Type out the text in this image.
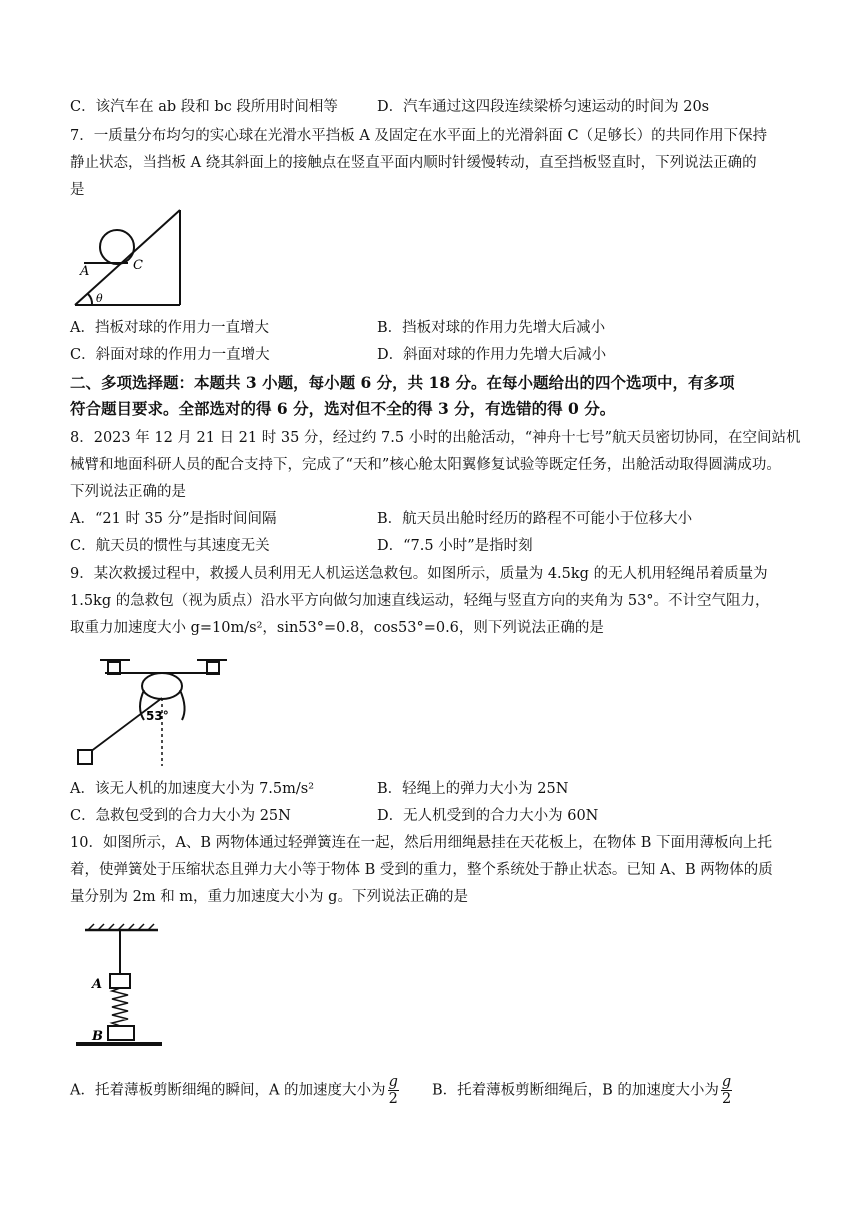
C．该汽车在 ab 段和 bc 段所用时间相等	D．汽车通过这四段连续梁桥匀速运动的时间为 20s
7．一质量分布均匀的实心球在光滑水平挡板 A 及固定在水平面上的光滑斜面 C（足够长）的共同作用下保持
静止状态，当挡板 A 绕其斜面上的接触点在竖直平面内顺时针缓慢转动，直至挡板竖直时，下列说法正确的
是
A	C
θ
A．挡板对球的作用力一直增大	B．挡板对球的作用力先增大后减小
C．斜面对球的作用力一直增大	D．斜面对球的作用力先增大后减小
二、多项选择题：本题共 3 小题，每小题 6 分，共 18 分。在每小题给出的四个选项中，有多项
符合题目要求。全部选对的得 6 分，选对但不全的得 3 分，有选错的得 0 分。
8．2023 年 12 月 21 日 21 时 35 分，经过约 7.5 小时的出舱活动，“神舟十七号”航天员密切协同，在空间站机
械臂和地面科研人员的配合支持下，完成了“天和”核心舱太阳翼修复试验等既定任务，出舱活动取得圆满成功。
下列说法正确的是
A．“21 时 35 分”是指时间间隔	B．航天员出舱时经历的路程不可能小于位移大小
C．航天员的惯性与其速度无关	D．“7.5 小时”是指时刻
9．某次救援过程中，救援人员利用无人机运送急救包。如图所示，质量为 4.5kg 的无人机用轻绳吊着质量为
1.5kg 的急救包（视为质点）沿水平方向做匀加速直线运动，轻绳与竖直方向的夹角为 53°。不计空气阻力，
取重力加速度大小 g=10m/s²，sin53°=0.8，cos53°=0.6，则下列说法正确的是
53°
A．该无人机的加速度大小为 7.5m/s²	B．轻绳上的弹力大小为 25N
C．急救包受到的合力大小为 25N	D．无人机受到的合力大小为 60N
10．如图所示，A、B 两物体通过轻弹簧连在一起，然后用细绳悬挂在天花板上，在物体 B 下面用薄板向上托
着，使弹簧处于压缩状态且弹力大小等于物体 B 受到的重力，整个系统处于静止状态。已知 A、B 两物体的质
量分别为 2m 和 m，重力加速度大小为 g。下列说法正确的是
A
B
A．托着薄板剪断细绳的瞬间，A 的加速度大小为 $\frac{g}{2}$ B．托着薄板剪断细绳后，B 的加速度大小为 $\frac{g}{2}$
